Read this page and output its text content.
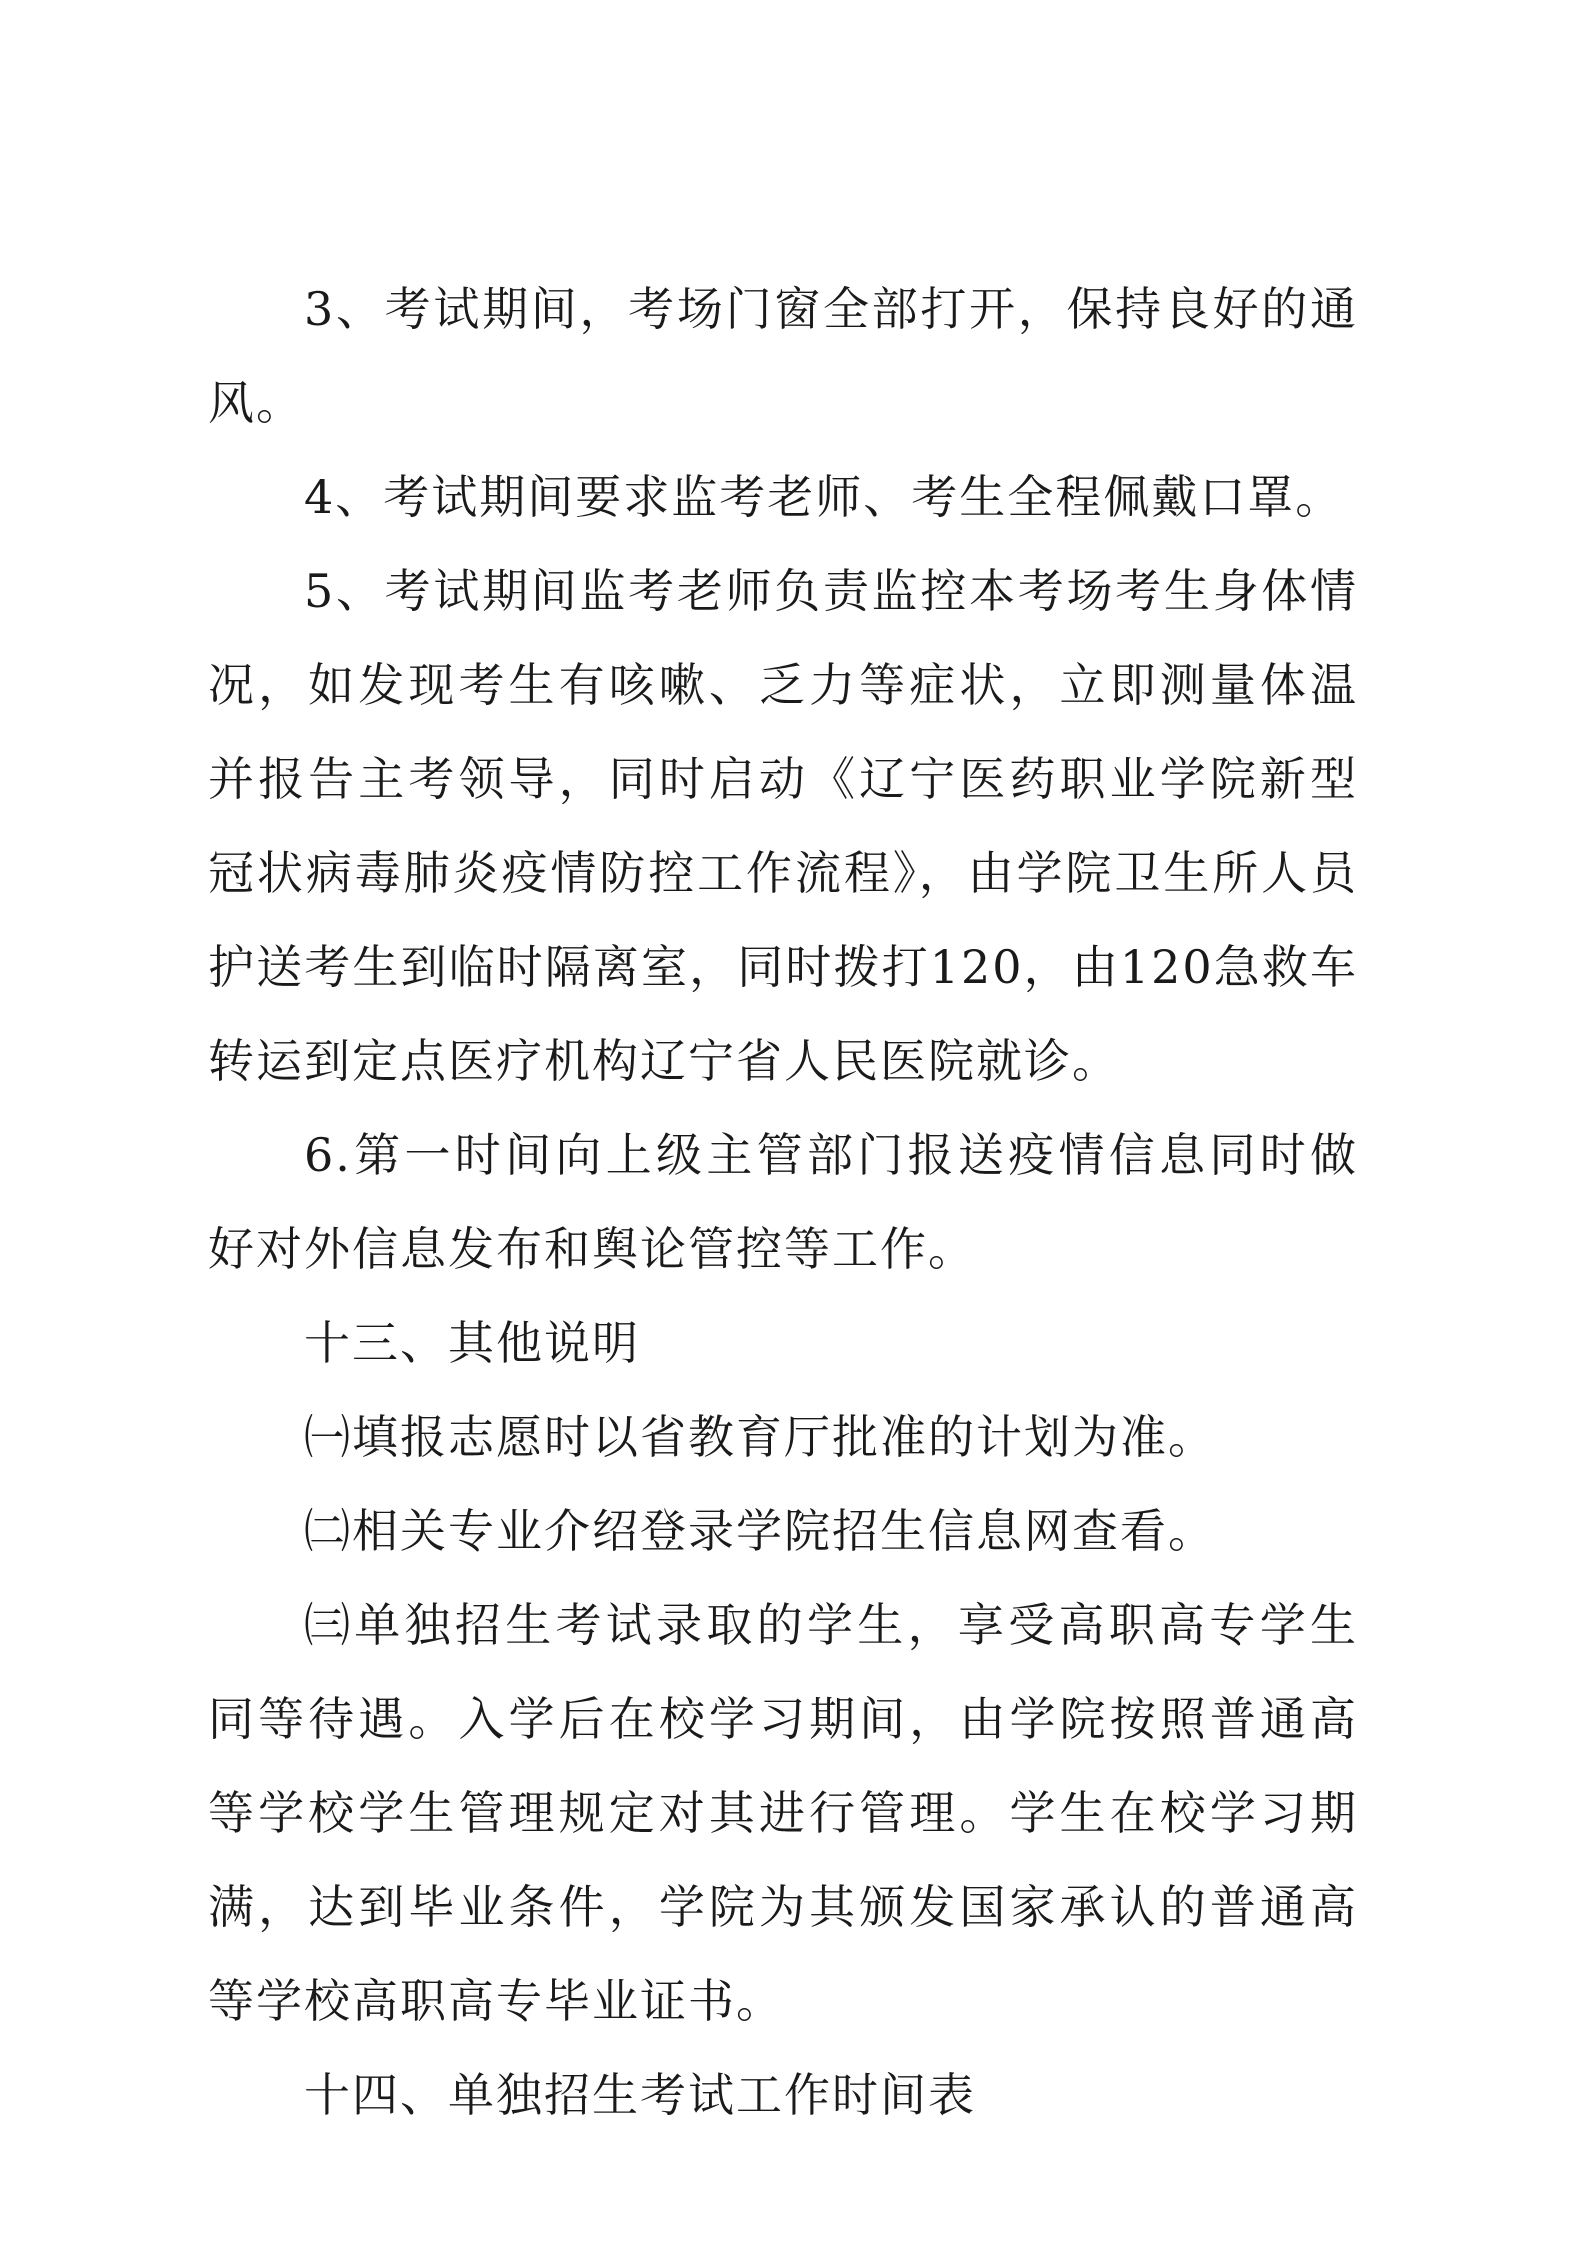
3、考试期间，考场门窗全部打开，保持良好的通风。

4、考试期间要求监考老师、考生全程佩戴口罩。

5、考试期间监考老师负责监控本考场考生身体情况，如发现考生有咳嗽、乏力等症状，立即测量体温并报告主考领导，同时启动《辽宁医药职业学院新型冠状病毒肺炎疫情防控工作流程》，由学院卫生所人员护送考生到临时隔离室，同时拨打120，由120急救车转运到定点医疗机构辽宁省人民医院就诊。

6.第一时间向上级主管部门报送疫情信息同时做好对外信息发布和舆论管控等工作。

十三、其他说明

㈠填报志愿时以省教育厅批准的计划为准。

㈡相关专业介绍登录学院招生信息网查看。

㈢单独招生考试录取的学生，享受高职高专学生同等待遇。入学后在校学习期间，由学院按照普通高等学校学生管理规定对其进行管理。学生在校学习期满，达到毕业条件，学院为其颁发国家承认的普通高等学校高职高专毕业证书。

十四、单独招生考试工作时间表
